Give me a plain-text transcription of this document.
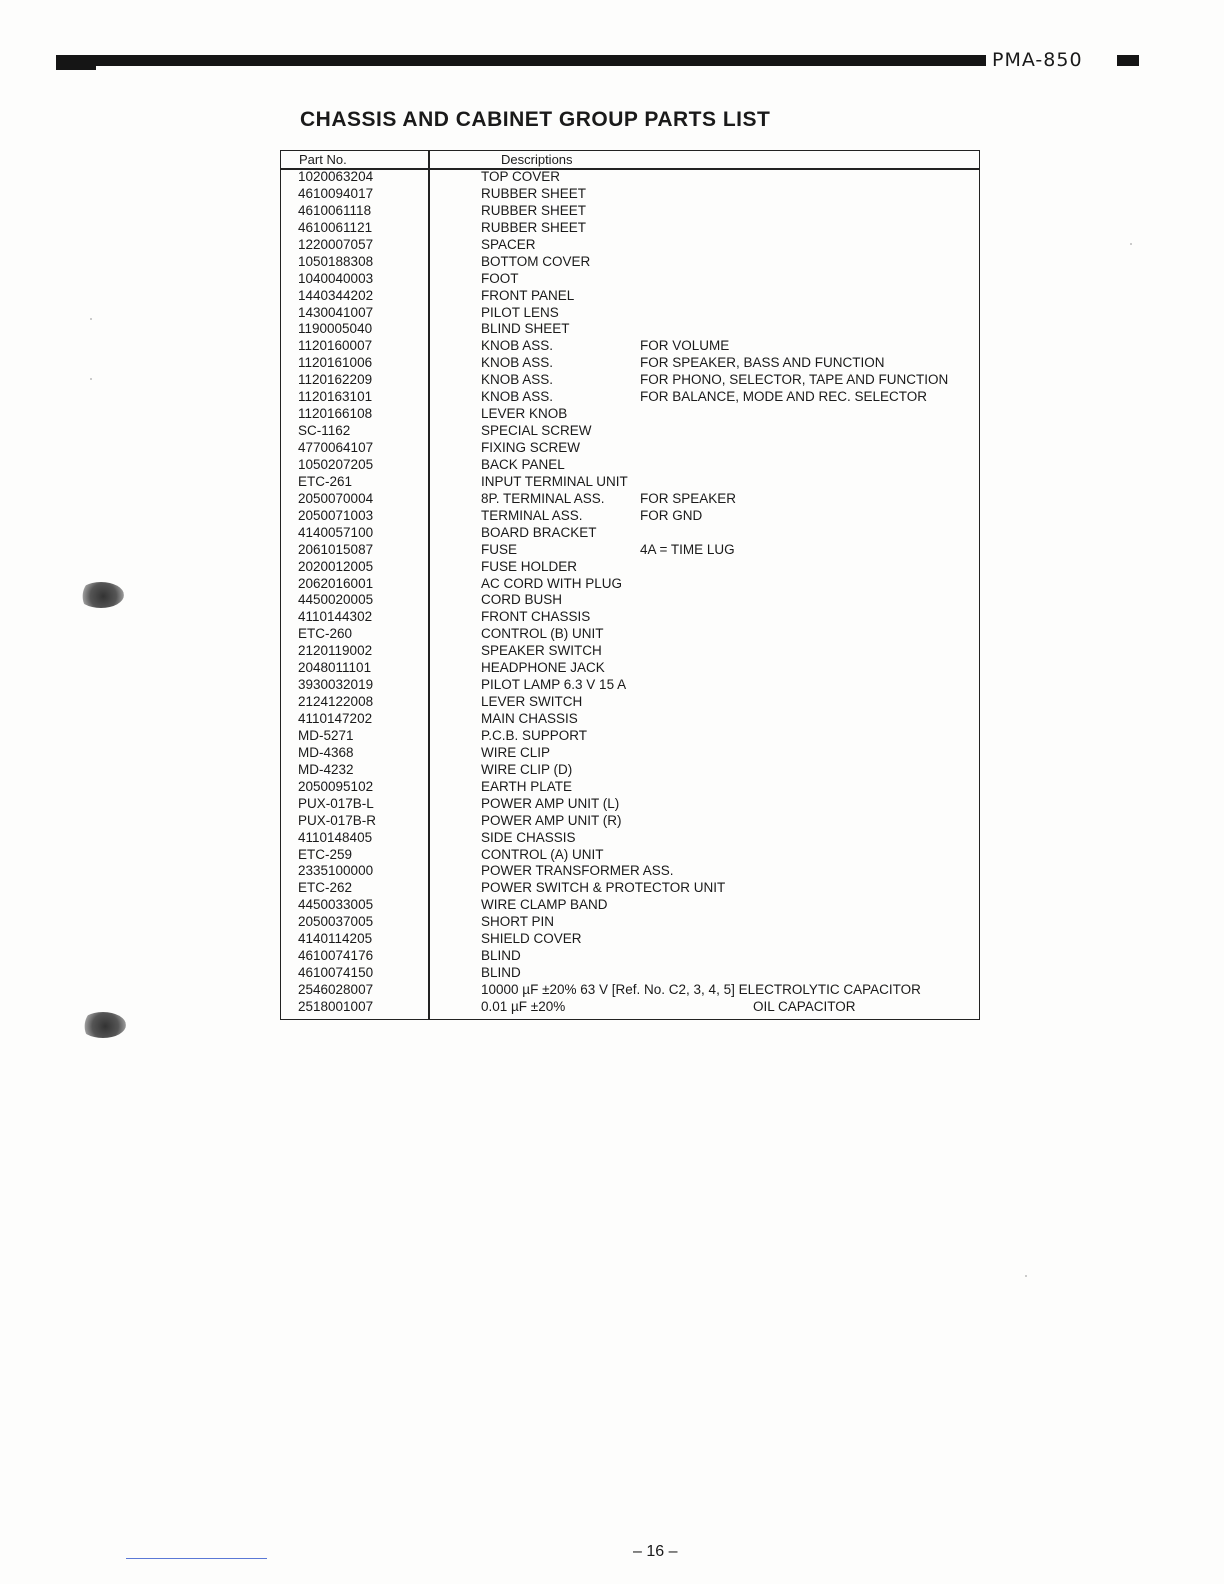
PMA-850
CHASSIS AND CABINET GROUP PARTS LIST
Part No.	Descriptions
1020063204	TOP COVER
4610094017	RUBBER SHEET
4610061118	RUBBER SHEET
4610061121	RUBBER SHEET
1220007057	SPACER
1050188308	BOTTOM COVER
1040040003	FOOT
1440344202	FRONT PANEL
1430041007	PILOT LENS
1190005040	BLIND SHEET
1120160007	KNOB ASS.	FOR VOLUME
1120161006	KNOB ASS.	FOR SPEAKER, BASS AND FUNCTION
1120162209	KNOB ASS.	FOR PHONO, SELECTOR, TAPE AND FUNCTION
1120163101	KNOB ASS.	FOR BALANCE, MODE AND REC. SELECTOR
1120166108	LEVER KNOB
SC-1162	SPECIAL SCREW
4770064107	FIXING SCREW
1050207205	BACK PANEL
ETC-261	INPUT TERMINAL UNIT
2050070004	8P. TERMINAL ASS.	FOR SPEAKER
2050071003	TERMINAL ASS.	FOR GND
4140057100	BOARD BRACKET
2061015087	FUSE	4A = TIME LUG
2020012005	FUSE HOLDER
2062016001	AC CORD WITH PLUG
4450020005	CORD BUSH
4110144302	FRONT CHASSIS
ETC-260	CONTROL (B) UNIT
2120119002	SPEAKER SWITCH
2048011101	HEADPHONE JACK
3930032019	PILOT LAMP 6.3 V 15 A
2124122008	LEVER SWITCH
4110147202	MAIN CHASSIS
MD-5271	P.C.B. SUPPORT
MD-4368	WIRE CLIP
MD-4232	WIRE CLIP (D)
2050095102	EARTH PLATE
PUX-017B-L	POWER AMP UNIT (L)
PUX-017B-R	POWER AMP UNIT (R)
4110148405	SIDE CHASSIS
ETC-259	CONTROL (A) UNIT
2335100000	POWER TRANSFORMER ASS.
ETC-262	POWER SWITCH & PROTECTOR UNIT
4450033005	WIRE CLAMP BAND
2050037005	SHORT PIN
4140114205	SHIELD COVER
4610074176	BLIND
4610074150	BLIND
2546028007	10000 µF ±20% 63 V [Ref. No. C2, 3, 4, 5] ELECTROLYTIC CAPACITOR
2518001007	0.01 µF ±20%	OIL CAPACITOR
– 16 –
